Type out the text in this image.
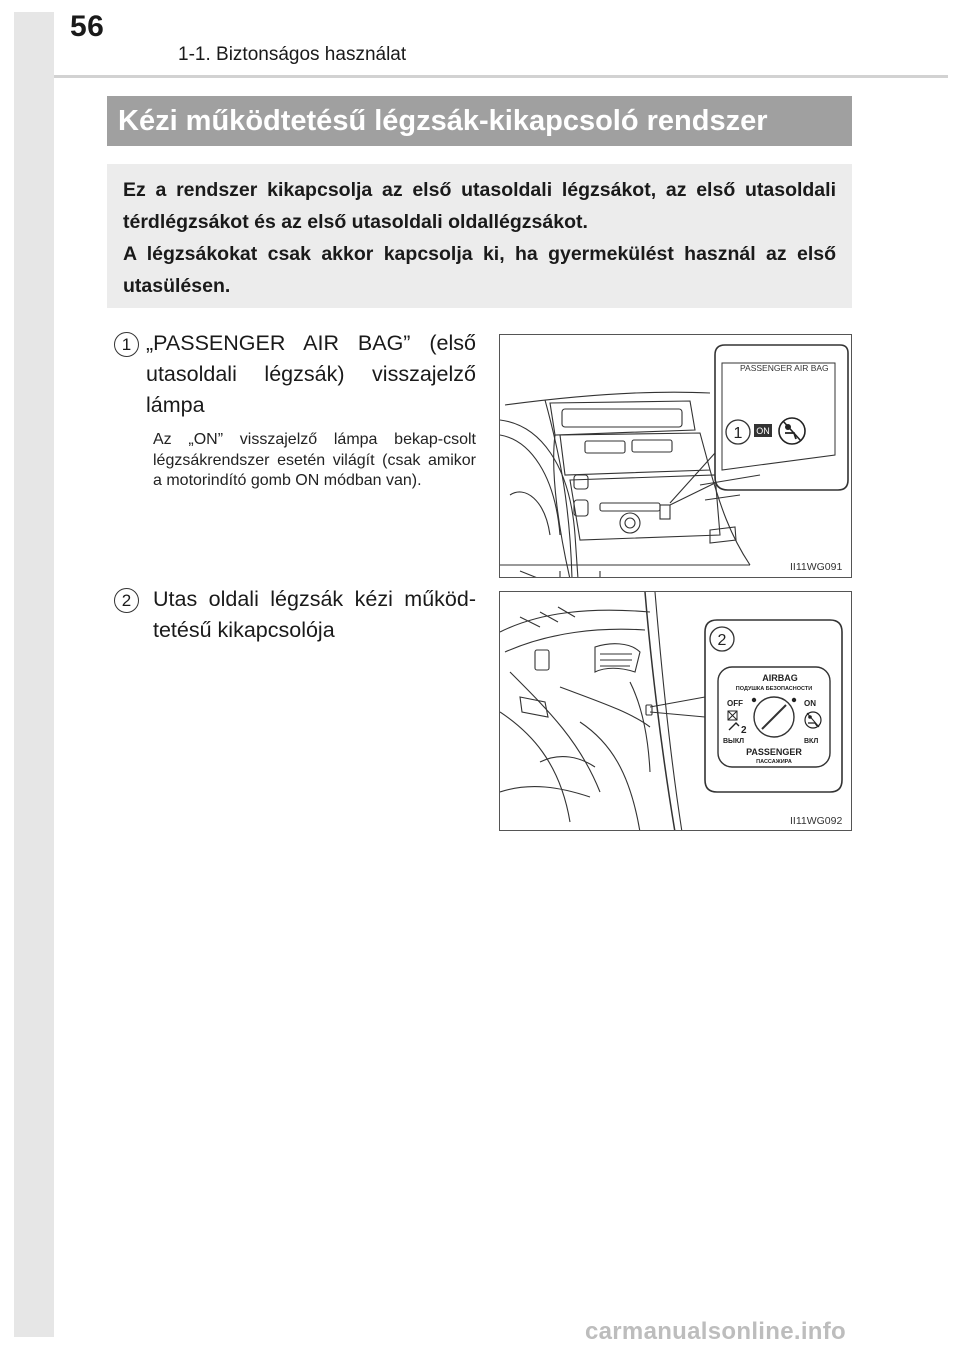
56
1-1. Biztonságos használat
Kézi működtetésű légzsák-kikapcsoló rendszer

Ez a rendszer kikapcsolja az első utasoldali légzsákot, az első utasoldali térdlégzsákot és az első utasoldali oldallégzsákot.

A légzsákokat csak akkor kapcsolja ki, ha gyermekülést használ az első utasülésen.

1 „PASSENGER AIR BAG” (első utasoldali légzsák) visszajelző lámpa
Az „ON” visszajelző lámpa bekap-csolt légzsákrendszer esetén világít (csak amikor a motorindító gomb ON módban van).
2	Utas oldali légzsák kézi működ-tetésű kikapcsolója
PASSENGER AIR BAG
1 ON
II11WG091
2
AIRBAG
ПОДУШКА БЕЗОПАСНОСТИ
OFF	ON
2
ВЫКЛ	ВКЛ
PASSENGER
ПАССАЖИРА
II11WG092
carmanualsonline.info
